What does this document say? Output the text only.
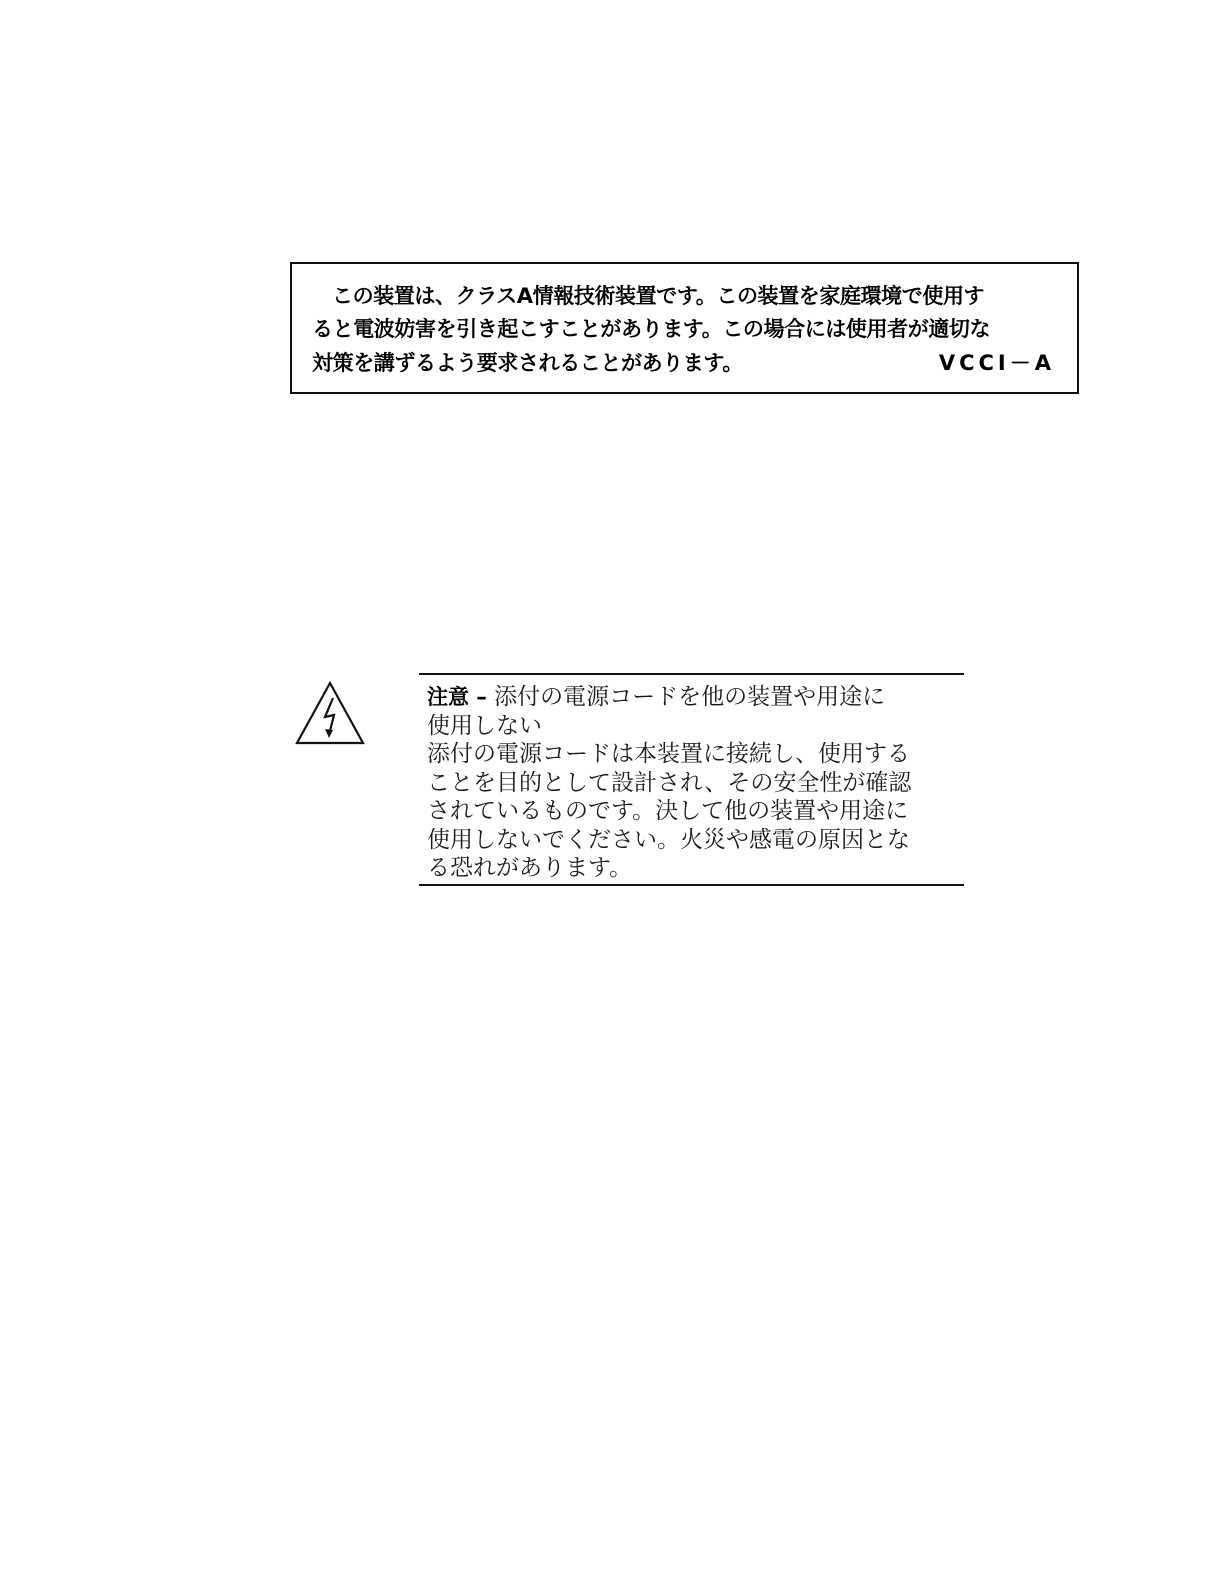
この装置は、クラスA情報技術装置です。この装置を家庭環境で使用す
ると電波妨害を引き起こすことがあります。この場合には使用者が適切な
対策を講ずるよう要求されることがあります。	VCCI－A
注意 – 添付の電源コードを他の装置や用途に
使用しない
添付の電源コードは本装置に接続し、使用する
ことを目的として設計され、その安全性が確認
されているものです。決して他の装置や用途に
使用しないでください。火災や感電の原因とな
る恐れがあります。
